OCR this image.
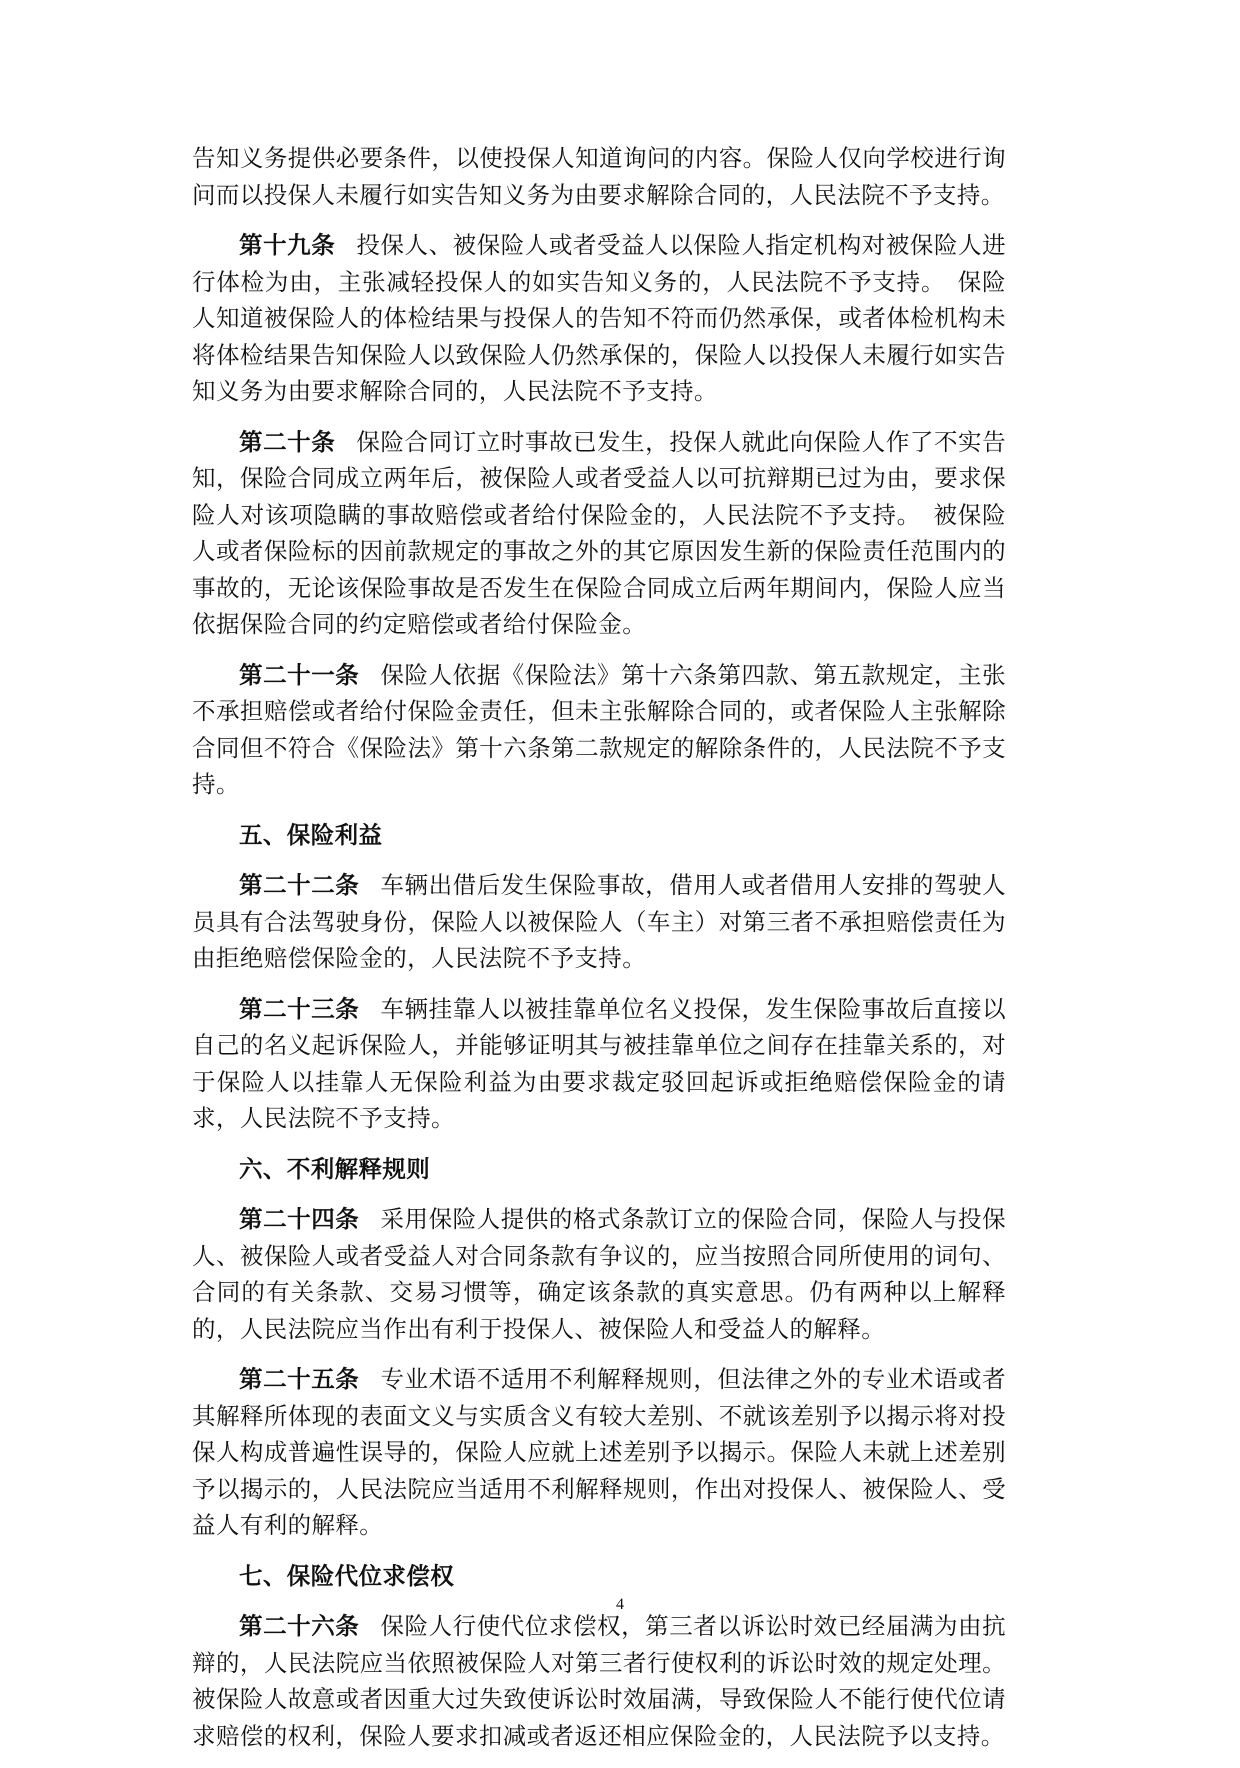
告知义务提供必要条件，以使投保人知道询问的内容。保险人仅向学校进行询问而以投保人未履行如实告知义务为由要求解除合同的，人民法院不予支持。

第十九条 投保人、被保险人或者受益人以保险人指定机构对被保险人进行体检为由，主张减轻投保人的如实告知义务的，人民法院不予支持。　保险人知道被保险人的体检结果与投保人的告知不符而仍然承保，或者体检机构未将体检结果告知保险人以致保险人仍然承保的，保险人以投保人未履行如实告知义务为由要求解除合同的，人民法院不予支持。

第二十条 保险合同订立时事故已发生，投保人就此向保险人作了不实告知，保险合同成立两年后，被保险人或者受益人以可抗辩期已过为由，要求保险人对该项隐瞒的事故赔偿或者给付保险金的，人民法院不予支持。　被保险人或者保险标的因前款规定的事故之外的其它原因发生新的保险责任范围内的事故的，无论该保险事故是否发生在保险合同成立后两年期间内，保险人应当依据保险合同的约定赔偿或者给付保险金。

第二十一条 保险人依据《保险法》第十六条第四款、第五款规定，主张不承担赔偿或者给付保险金责任，但未主张解除合同的，或者保险人主张解除合同但不符合《保险法》第十六条第二款规定的解除条件的，人民法院不予支持。

五、保险利益

第二十二条 车辆出借后发生保险事故，借用人或者借用人安排的驾驶人员具有合法驾驶身份，保险人以被保险人（车主）对第三者不承担赔偿责任为由拒绝赔偿保险金的，人民法院不予支持。

第二十三条 车辆挂靠人以被挂靠单位名义投保，发生保险事故后直接以自己的名义起诉保险人，并能够证明其与被挂靠单位之间存在挂靠关系的，对于保险人以挂靠人无保险利益为由要求裁定驳回起诉或拒绝赔偿保险金的请求，人民法院不予支持。

六、不利解释规则

第二十四条 采用保险人提供的格式条款订立的保险合同，保险人与投保人、被保险人或者受益人对合同条款有争议的，应当按照合同所使用的词句、合同的有关条款、交易习惯等，确定该条款的真实意思。仍有两种以上解释的，人民法院应当作出有利于投保人、被保险人和受益人的解释。

第二十五条 专业术语不适用不利解释规则，但法律之外的专业术语或者其解释所体现的表面文义与实质含义有较大差别、不就该差别予以揭示将对投保人构成普遍性误导的，保险人应就上述差别予以揭示。保险人未就上述差别予以揭示的，人民法院应当适用不利解释规则，作出对投保人、被保险人、受益人有利的解释。

七、保险代位求偿权

第二十六条 保险人行使代位求偿权，第三者以诉讼时效已经届满为由抗辩的，人民法院应当依照被保险人对第三者行使权利的诉讼时效的规定处理。被保险人故意或者因重大过失致使诉讼时效届满，导致保险人不能行使代位请求赔偿的权利，保险人要求扣减或者返还相应保险金的，人民法院予以支持。

4
